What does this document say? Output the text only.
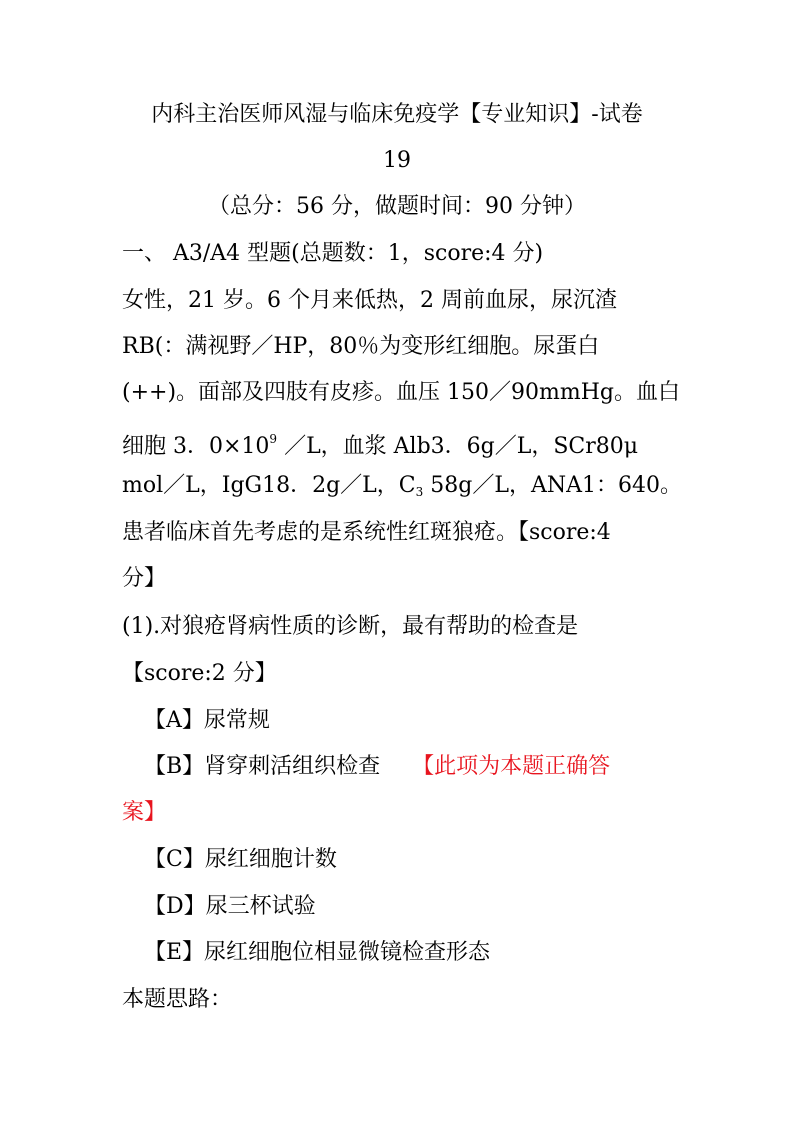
内科主治医师风湿与临床免疫学【专业知识】-试卷
19
（总分：56 分，做题时间：90 分钟）
一、 A3/A4 型题(总题数：1，score:4 分)
女性，21 岁。6 个月来低热，2 周前血尿，尿沉渣
RB(：满视野／HP，80％为变形红细胞。尿蛋白
(++)。面部及四肢有皮疹。血压 150／90mmHg。血白
细胞 3．$0\times 10^9$ ／L，血浆 Alb3．6g／L，SCr80μ
mol／L，IgG18．2g／L，$C_3$ 58g／L，ANA1：640。
患者临床首先考虑的是系统性红斑狼疮。【score:4
分】
(1).对狼疮肾病性质的诊断，最有帮助的检查是
【score:2 分】
【A】尿常规
【B】肾穿刺活组织检查 【此项为本题正确答
案】
【C】尿红细胞计数
【D】尿三杯试验
【E】尿红细胞位相显微镜检查形态
本题思路：
